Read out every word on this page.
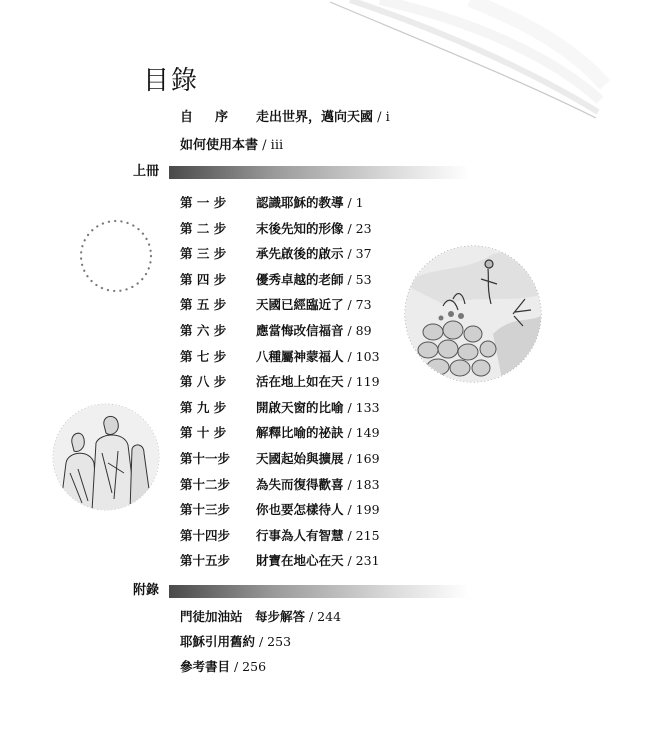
目錄
自 序 走出世界，邁向天國 / i
如何使用本書 / iii
上冊
第 一 步 認識耶穌的教導 / 1
第 二 步 末後先知的形像 / 23
第 三 步 承先啟後的啟示 / 37
第 四 步 優秀卓越的老師 / 53
第 五 步 天國已經臨近了 / 73
第 六 步 應當悔改信福音 / 89
第 七 步 八種屬神蒙福人 / 103
第 八 步 活在地上如在天 / 119
第 九 步 開啟天窗的比喻 / 133
第 十 步 解釋比喻的祕訣 / 149
第十一步 天國起始與擴展 / 169
第十二步 為失而復得歡喜 / 183
第十三步 你也要怎樣待人 / 199
第十四步 行事為人有智慧 / 215
第十五步 財寶在地心在天 / 231
附錄
門徒加油站　每步解答 / 244
耶穌引用舊約 / 253
參考書目 / 256
